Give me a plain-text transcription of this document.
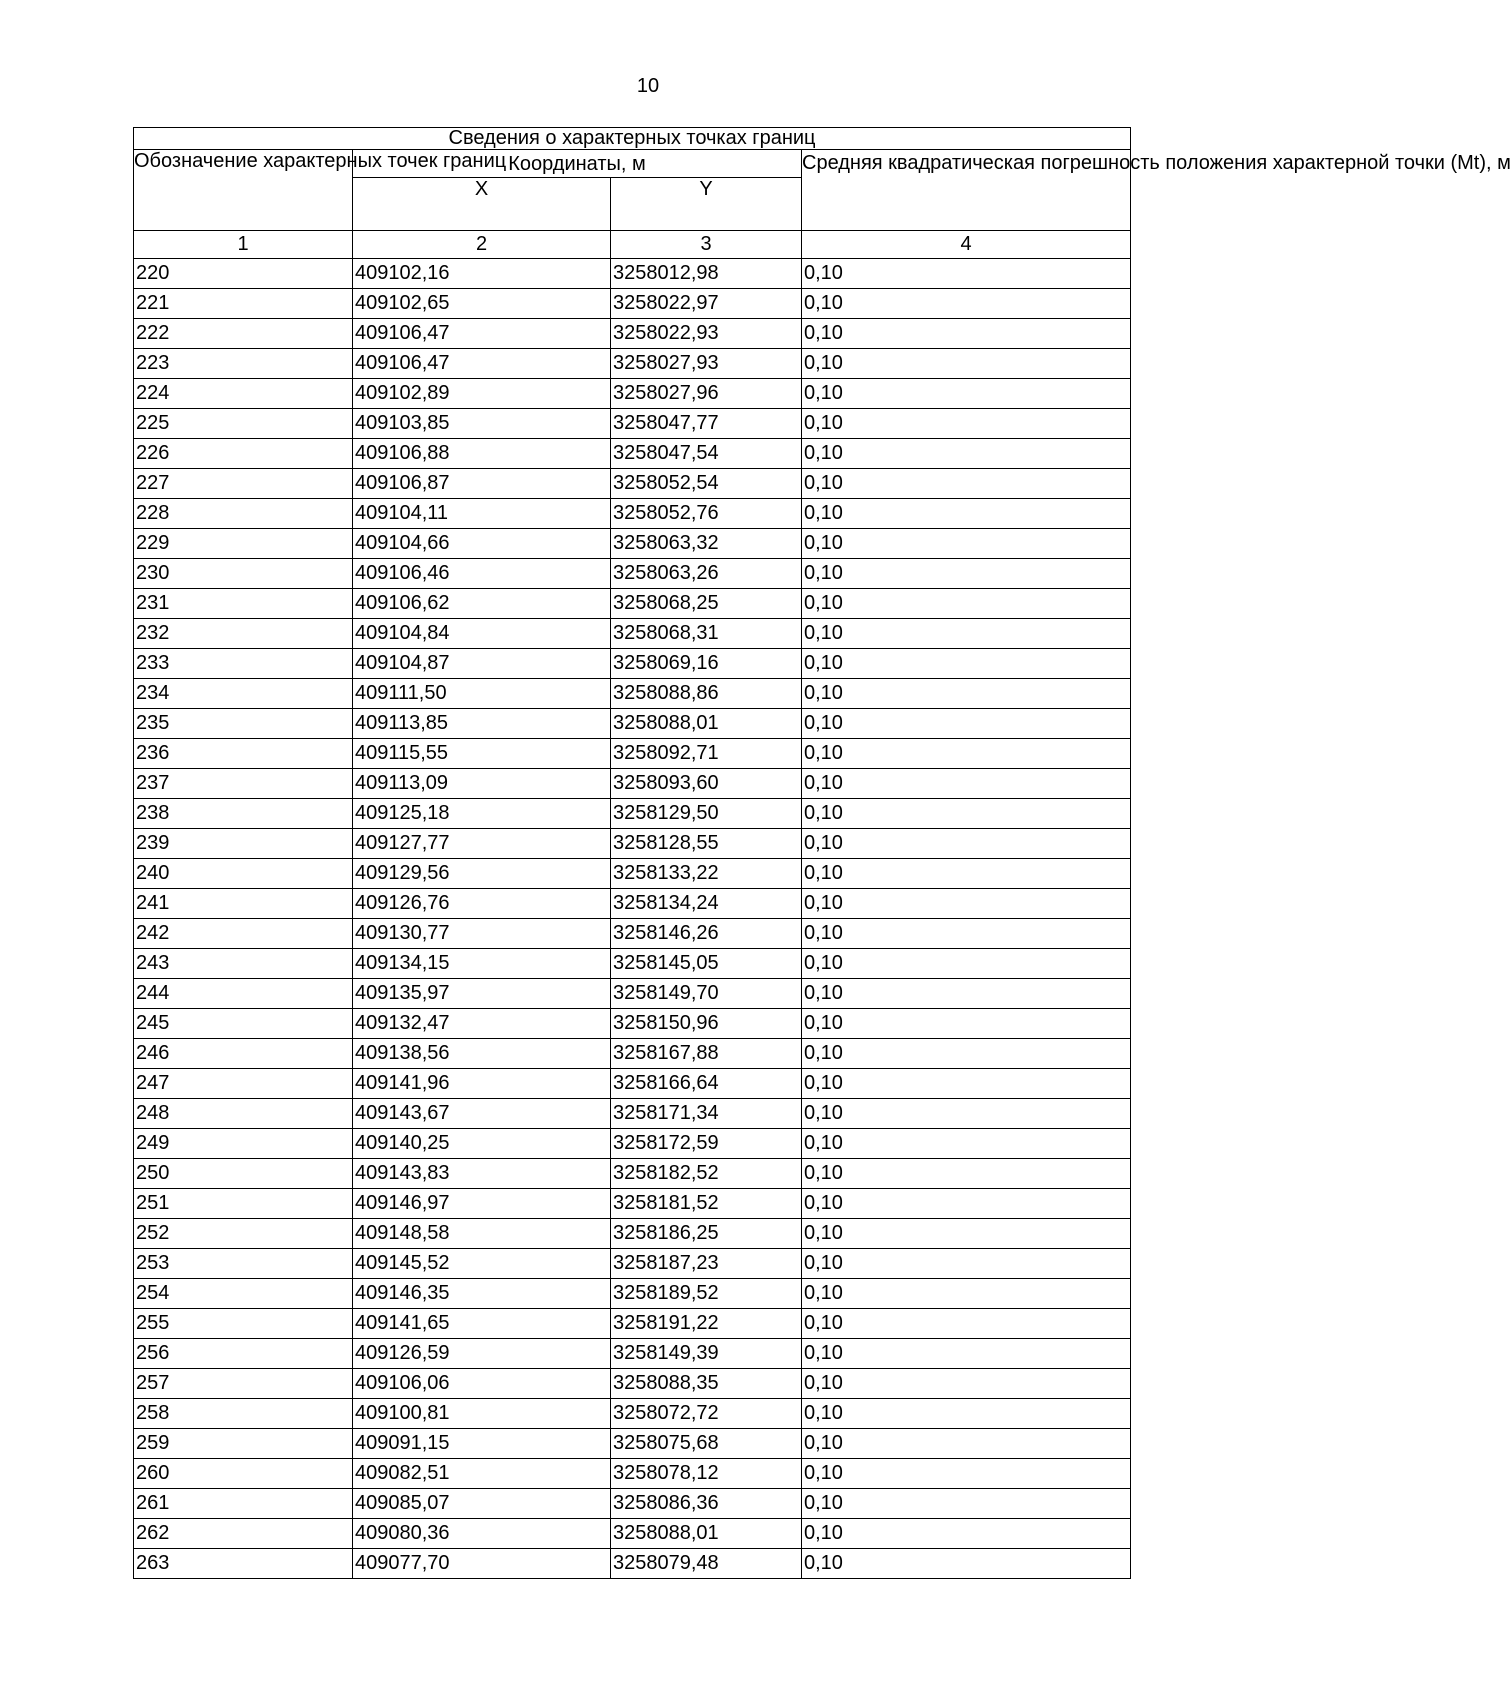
10
Сведения о характерных точках границ			
Обозначение характерных точек границ	Координаты, м		Средняя квадратическая погрешность положения характерной точки (Mt), м
	X	Y	
1	2	3	4
220	409102,16	3258012,98	0,10
221	409102,65	3258022,97	0,10
222	409106,47	3258022,93	0,10
223	409106,47	3258027,93	0,10
224	409102,89	3258027,96	0,10
225	409103,85	3258047,77	0,10
226	409106,88	3258047,54	0,10
227	409106,87	3258052,54	0,10
228	409104,11	3258052,76	0,10
229	409104,66	3258063,32	0,10
230	409106,46	3258063,26	0,10
231	409106,62	3258068,25	0,10
232	409104,84	3258068,31	0,10
233	409104,87	3258069,16	0,10
234	409111,50	3258088,86	0,10
235	409113,85	3258088,01	0,10
236	409115,55	3258092,71	0,10
237	409113,09	3258093,60	0,10
238	409125,18	3258129,50	0,10
239	409127,77	3258128,55	0,10
240	409129,56	3258133,22	0,10
241	409126,76	3258134,24	0,10
242	409130,77	3258146,26	0,10
243	409134,15	3258145,05	0,10
244	409135,97	3258149,70	0,10
245	409132,47	3258150,96	0,10
246	409138,56	3258167,88	0,10
247	409141,96	3258166,64	0,10
248	409143,67	3258171,34	0,10
249	409140,25	3258172,59	0,10
250	409143,83	3258182,52	0,10
251	409146,97	3258181,52	0,10
252	409148,58	3258186,25	0,10
253	409145,52	3258187,23	0,10
254	409146,35	3258189,52	0,10
255	409141,65	3258191,22	0,10
256	409126,59	3258149,39	0,10
257	409106,06	3258088,35	0,10
258	409100,81	3258072,72	0,10
259	409091,15	3258075,68	0,10
260	409082,51	3258078,12	0,10
261	409085,07	3258086,36	0,10
262	409080,36	3258088,01	0,10
263	409077,70	3258079,48	0,10
